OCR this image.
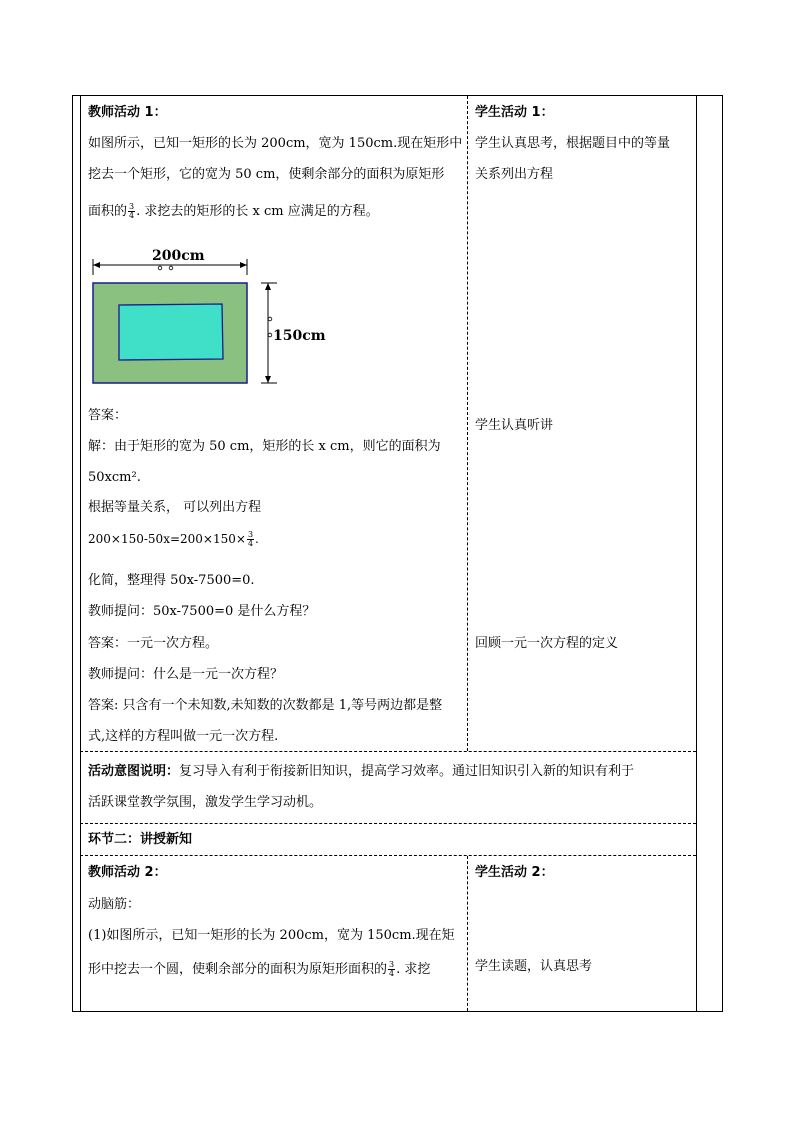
教师活动 1：
如图所示，已知一矩形的长为 200cm，宽为 150cm.现在矩形中
挖去一个矩形，它的宽为 50 cm，使剩余部分的面积为原矩形
面积的 $\frac{3}{4}$ . 求挖去的矩形的长 x cm 应满足的方程。
200cm
150cm
答案：
解：由于矩形的宽为 50 cm，矩形的长 x cm，则它的面积为
50xcm².
根据等量关系， 可以列出方程
$200\times 150-50x=200\times 150\times \frac{3}{4}$ .
化简，整理得 50x-7500=0.
教师提问：50x-7500=0 是什么方程？
答案：一元一次方程。
教师提问：什么是一元一次方程？
答案: 只含有一个未知数,未知数的次数都是 1,等号两边都是整
式,这样的方程叫做一元一次方程.
学生活动 1：
学生认真思考，根据题目中的等量
关系列出方程
学生认真听讲
回顾一元一次方程的定义
活动意图说明：复习导入有利于衔接新旧知识，提高学习效率。通过旧知识引入新的知识有利于
活跃课堂教学氛围，激发学生学习动机。
环节二：讲授新知
教师活动 2：
动脑筋：
(1)如图所示，已知一矩形的长为 200cm，宽为 150cm.现在矩
形中挖去一个圆，使剩余部分的面积为原矩形面积的 $\frac{3}{4}$ . 求挖
学生活动 2：
学生读题，认真思考
